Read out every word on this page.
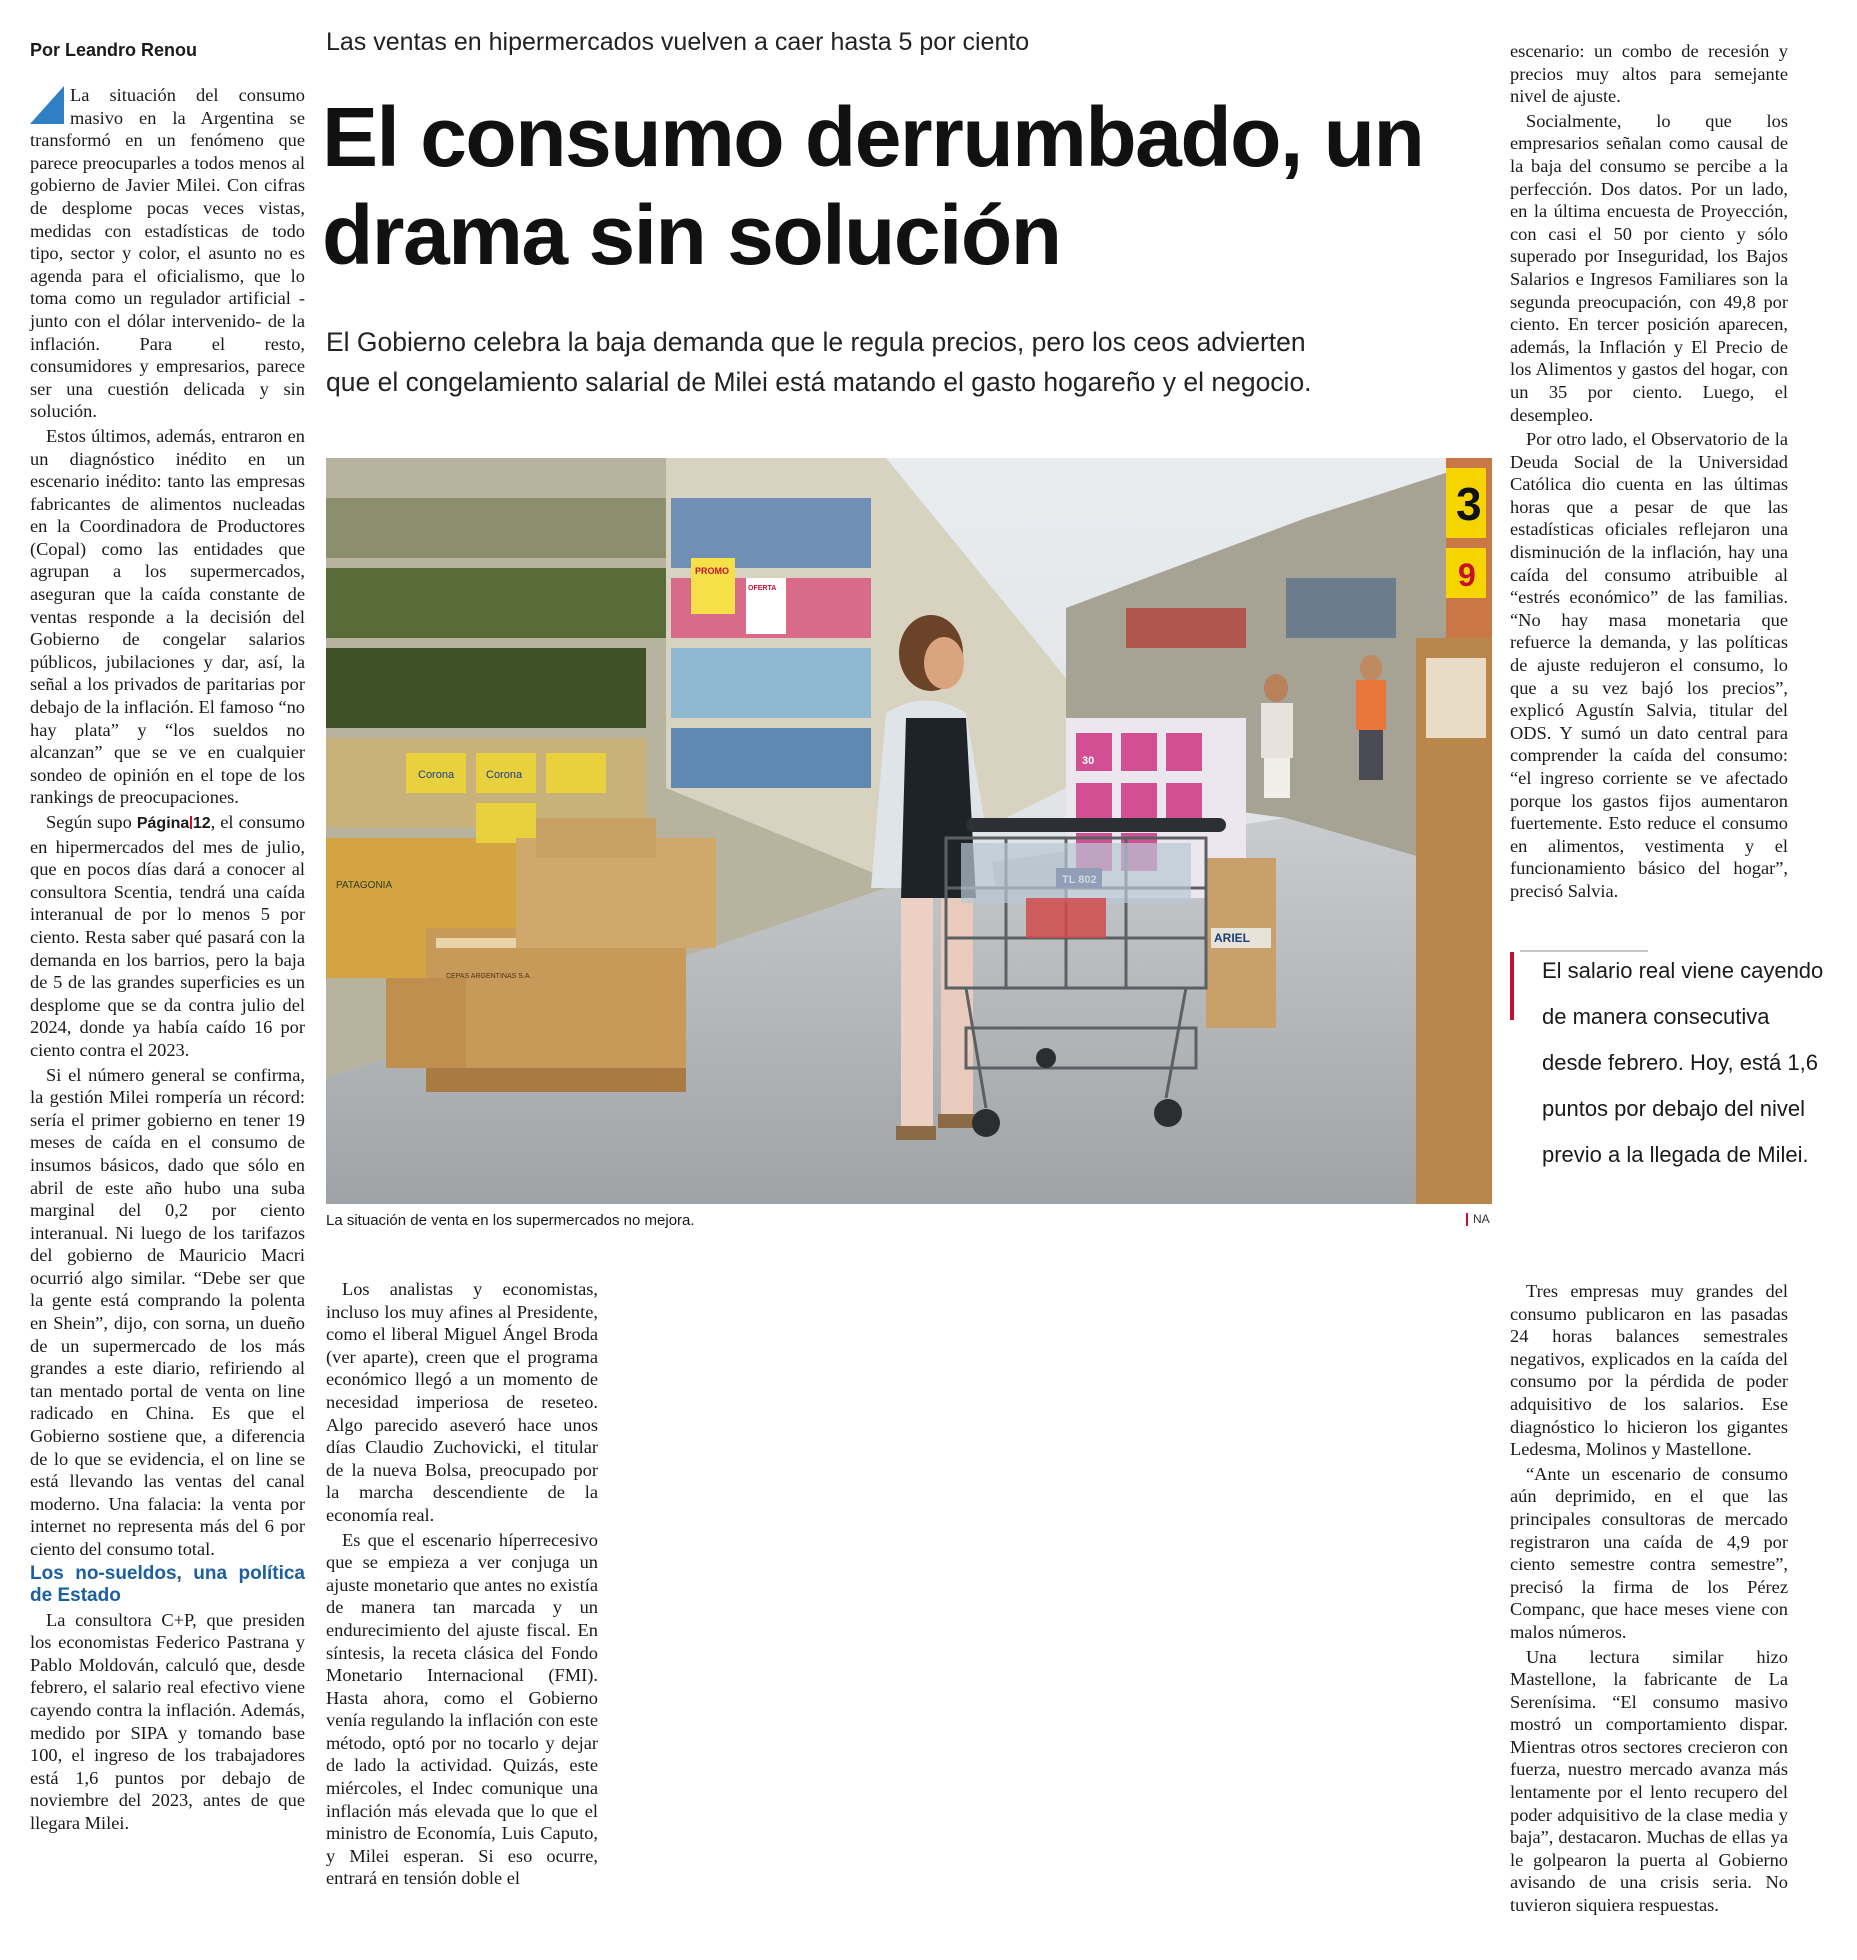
Por Leandro Renou	Las ventas en hipermercados vuelven a caer hasta 5 por ciento
El consumo derrumbado, un drama sin solución
El Gobierno celebra la baja demanda que le regula precios, pero los ceos advierten que el congelamiento salarial de Milei está matando el gasto hogareño y el negocio.

La situación del consumo masivo en la Argentina se transformó en un fenómeno que parece preocuparles a todos menos al gobierno de Javier Milei. Con cifras de desplome pocas veces vistas, medidas con estadísticas de todo tipo, sector y color, el asunto no es agenda para el oficialismo, que lo toma como un regulador artificial -junto con el dólar intervenido- de la inflación. Para el resto, consumidores y empresarios, parece ser una cuestión delicada y sin solución.

Estos últimos, además, entraron en un diagnóstico inédito en un escenario inédito: tanto las empresas fabricantes de alimentos nucleadas en la Coordinadora de Productores (Copal) como las entidades que agrupan a los supermercados, aseguran que la caída constante de ventas responde a la decisión del Gobierno de congelar salarios públicos, jubilaciones y dar, así, la señal a los privados de paritarias por debajo de la inflación. El famoso “no hay plata” y “los sueldos no alcanzan” que se ve en cualquier sondeo de opinión en el tope de los rankings de preocupaciones.

Según supo Página 12, el consumo en hipermercados del mes de julio, que en pocos días dará a conocer al consultora Scentia, tendrá una caída interanual de por lo menos 5 por ciento. Resta saber qué pasará con la demanda en los barrios, pero la baja de 5 de las grandes superficies es un desplome que se da contra julio del 2024, donde ya había caído 16 por ciento contra el 2023.

Si el número general se confirma, la gestión Milei rompería un récord: sería el primer gobierno en tener 19 meses de caída en el consumo de insumos básicos, dado que sólo en abril de este año hubo una suba marginal del 0,2 por ciento interanual. Ni luego de los tarifazos del gobierno de Mauricio Macri ocurrió algo similar. “Debe ser que la gente está comprando la polenta en Shein”, dijo, con sorna, un dueño de un supermercado de los más grandes a este diario, refiriendo al tan mentado portal de venta on line radicado en China. Es que el Gobierno sostiene que, a diferencia de lo que se evidencia, el on line se está llevando las ventas del canal moderno. Una falacia: la venta por internet no representa más del 6 por ciento del consumo total.

Los no-sueldos, una política de Estado

La consultora C+P, que presiden los economistas Federico Pastrana y Pablo Moldován, calculó que, desde febrero, el salario real efectivo viene cayendo contra la inflación. Además, medido por SIPA y tomando base 100, el ingreso de los trabajadores está 1,6 puntos por debajo de noviembre del 2023, antes de que llegara Milei.

Corona	Corona
PATAGONIA
PROMO
OFERTA
CEPAS ARGENTINAS S.A.
3
9
30
ARIEL
La situación de venta en los supermercados no mejora.	NA

Los analistas y economistas, incluso los muy afines al Presidente, como el liberal Miguel Ángel Broda (ver aparte), creen que el programa económico llegó a un momento de necesidad imperiosa de reseteo. Algo parecido aseveró hace unos días Claudio Zuchovicki, el titular de la nueva Bolsa, preocupado por la marcha descendiente de la economía real.

Es que el escenario híperrecesivo que se empieza a ver conjuga un ajuste monetario que antes no existía de manera tan marcada y un endurecimiento del ajuste fiscal. En síntesis, la receta clásica del Fondo Monetario Internacional (FMI). Hasta ahora, como el Gobierno venía regulando la inflación con este método, optó por no tocarlo y dejar de lado la actividad. Quizás, este miércoles, el Indec comunique una inflación más elevada que lo que el ministro de Economía, Luis Caputo, y Milei esperan. Si eso ocurre, entrará en tensión doble el

escenario: un combo de recesión y precios muy altos para semejante nivel de ajuste.

Socialmente, lo que los empresarios señalan como causal de la baja del consumo se percibe a la perfección. Dos datos. Por un lado, en la última encuesta de Proyección, con casi el 50 por ciento y sólo superado por Inseguridad, los Bajos Salarios e Ingresos Familiares son la segunda preocupación, con 49,8 por ciento. En tercer posición aparecen, además, la Inflación y El Precio de los Alimentos y gastos del hogar, con un 35 por ciento. Luego, el desempleo.

Por otro lado, el Observatorio de la Deuda Social de la Universidad Católica dio cuenta en las últimas horas que a pesar de que las estadísticas oficiales reflejaron una disminución de la inflación, hay una caída del consumo atribuible al “estrés económico” de las familias. “No hay masa monetaria que refuerce la demanda, y las políticas de ajuste redujeron el consumo, lo que a su vez bajó los precios”, explicó Agustín Salvia, titular del ODS. Y sumó un dato central para comprender la caída del consumo: “el ingreso corriente se ve afectado porque los gastos fijos aumentaron fuertemente. Esto reduce el consumo en alimentos, vestimenta y el funcionamiento básico del hogar”, precisó Salvia.

El salario real viene cayendo de manera consecutiva desde febrero. Hoy, está 1,6 puntos por debajo del nivel previo a la llegada de Milei.

Tres empresas muy grandes del consumo publicaron en las pasadas 24 horas balances semestrales negativos, explicados en la caída del consumo por la pérdida de poder adquisitivo de los salarios. Ese diagnóstico lo hicieron los gigantes Ledesma, Molinos y Mastellone.

“Ante un escenario de consumo aún deprimido, en el que las principales consultoras de mercado registraron una caída de 4,9 por ciento semestre contra semestre”, precisó la firma de los Pérez Companc, que hace meses viene con malos números.

Una lectura similar hizo Mastellone, la fabricante de La Serenísima. “El consumo masivo mostró un comportamiento dispar. Mientras otros sectores crecieron con fuerza, nuestro mercado avanza más lentamente por el lento recupero del poder adquisitivo de la clase media y baja”, destacaron. Muchas de ellas ya le golpearon la puerta al Gobierno avisando de una crisis seria. No tuvieron siquiera respuestas.
